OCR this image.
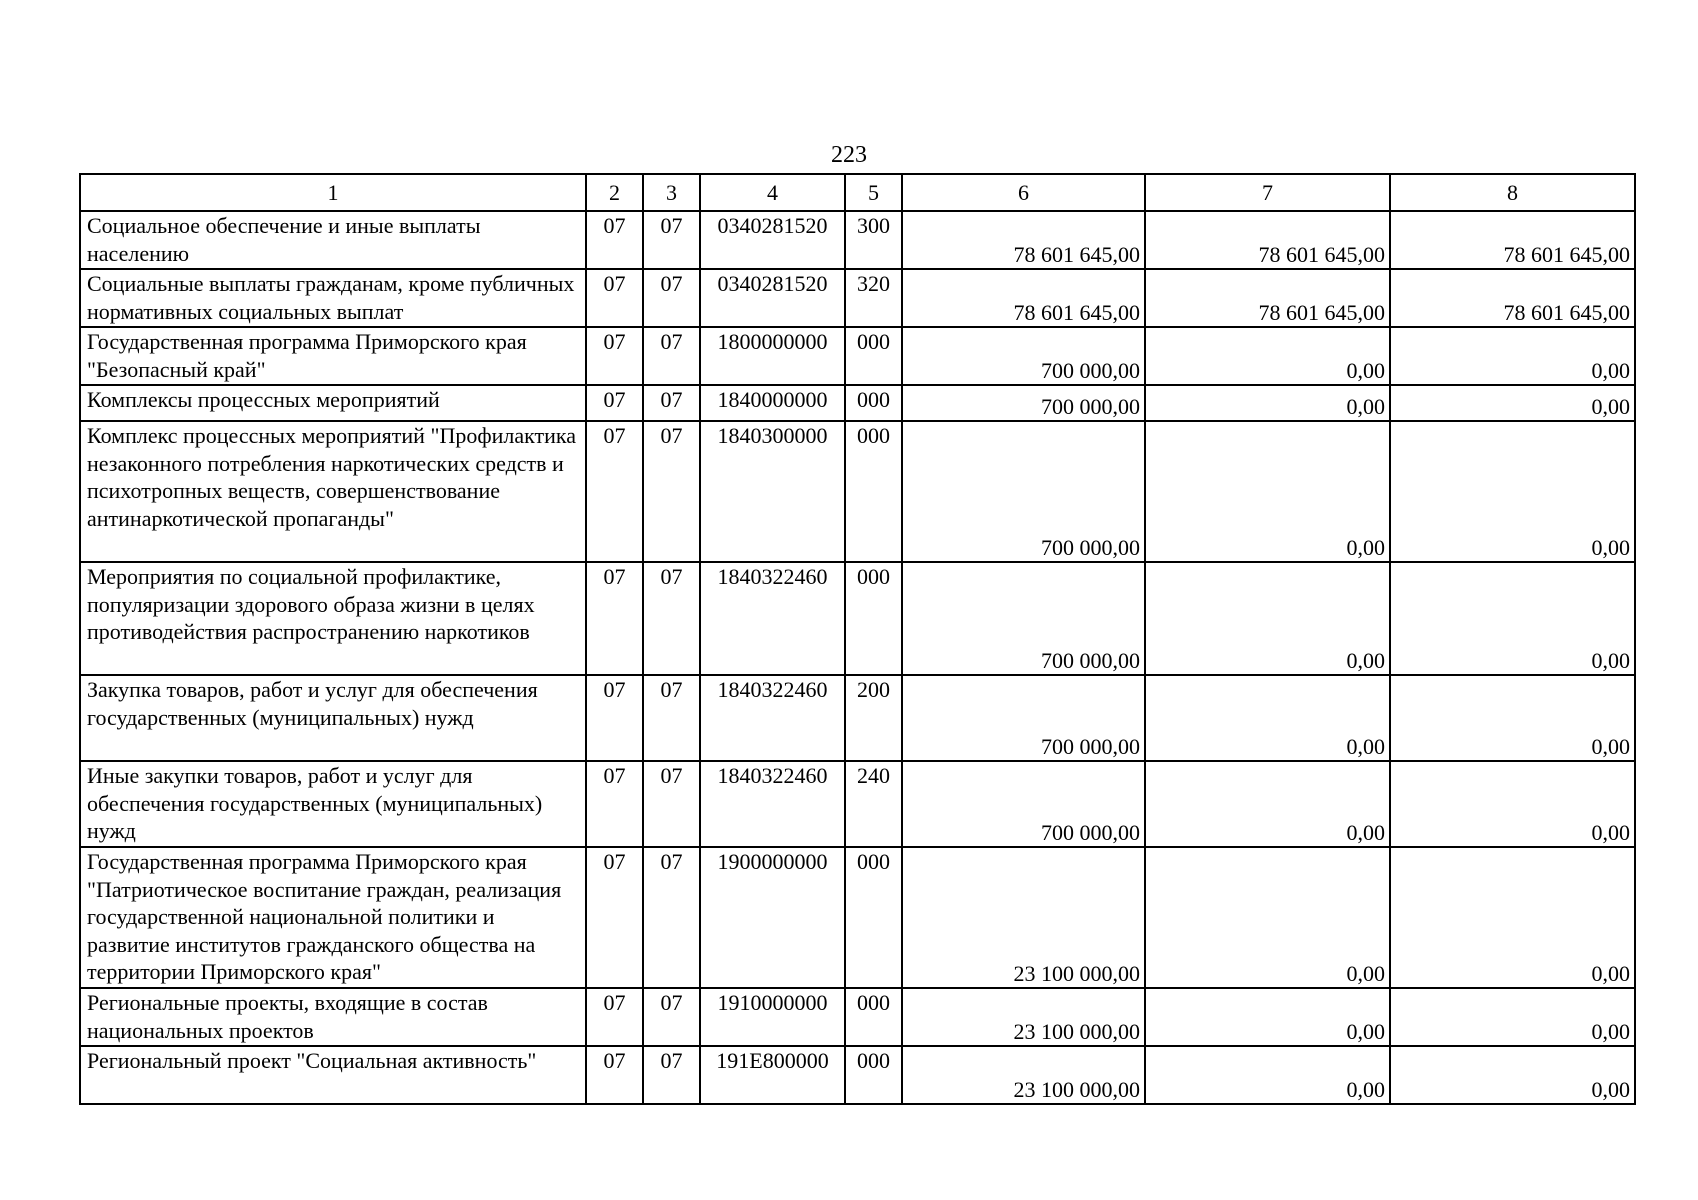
223
1	2	3	4	5	6	7	8
Социальное обеспечение и иные выплаты населению	07	07	0340281520	300	78 601 645,00	78 601 645,00	78 601 645,00
Социальные выплаты гражданам, кроме публичных нормативных социальных выплат	07	07	0340281520	320	78 601 645,00	78 601 645,00	78 601 645,00
Государственная программа Приморского края "Безопасный край"	07	07	1800000000	000	700 000,00	0,00	0,00
Комплексы процессных мероприятий	07	07	1840000000	000	700 000,00	0,00	0,00
Комплекс процессных мероприятий "Профилактика незаконного потребления наркотических средств и психотропных веществ, совершенствование антинаркотической пропаганды"	07	07	1840300000	000	700 000,00	0,00	0,00
Мероприятия по социальной профилактике, популяризации здорового образа жизни в целях противодействия распространению наркотиков	07	07	1840322460	000	700 000,00	0,00	0,00
Закупка товаров, работ и услуг для обеспечения государственных (муниципальных) нужд	07	07	1840322460	200	700 000,00	0,00	0,00
Иные закупки товаров, работ и услуг для обеспечения государственных (муниципальных) нужд	07	07	1840322460	240	700 000,00	0,00	0,00
Государственная программа Приморского края "Патриотическое воспитание граждан, реализация государственной национальной политики и развитие институтов гражданского общества на территории Приморского края"	07	07	1900000000	000	23 100 000,00	0,00	0,00
Региональные проекты, входящие в состав национальных проектов	07	07	1910000000	000	23 100 000,00	0,00	0,00
Региональный проект "Социальная активность"	07	07	191E800000	000	23 100 000,00	0,00	0,00
